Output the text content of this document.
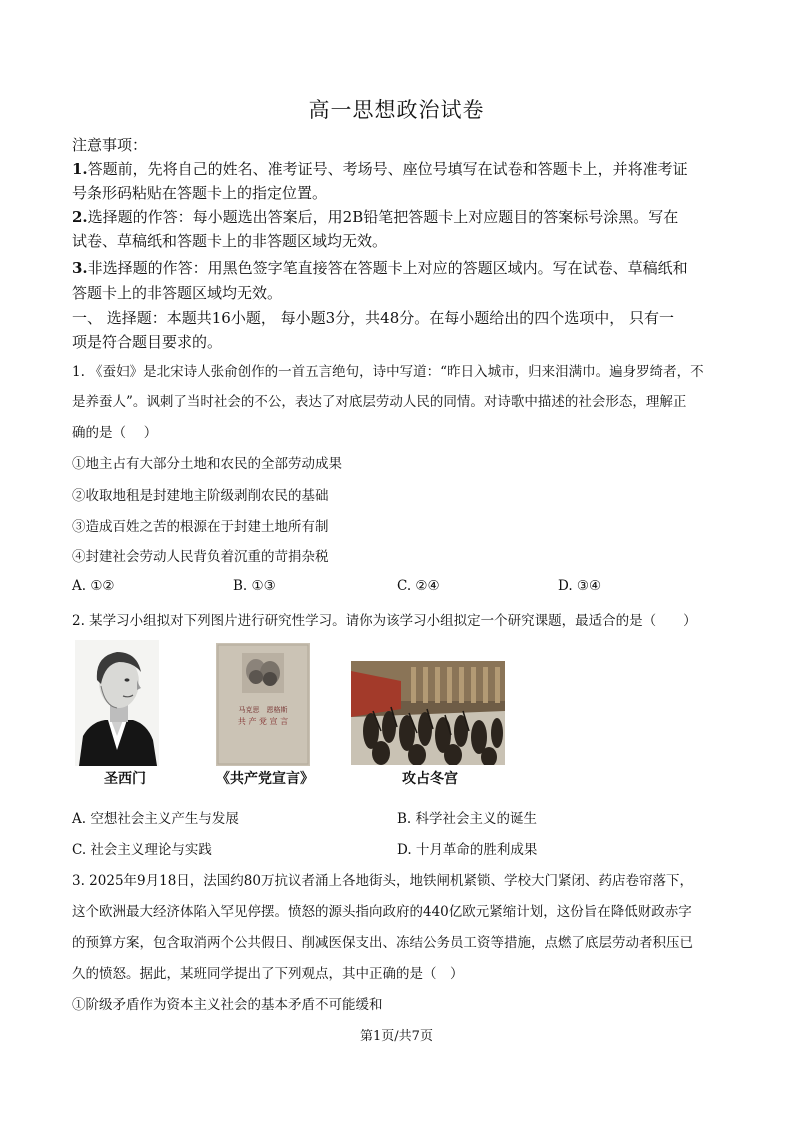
高一思想政治试卷
注意事项：
1.答题前，先将自己的姓名、准考证号、考场号、座位号填写在试卷和答题卡上，并将准考证
号条形码粘贴在答题卡上的指定位置。
2.选择题的作答：每小题选出答案后，用2B铅笔把答题卡上对应题目的答案标号涂黑。写在
试卷、草稿纸和答题卡上的非答题区域均无效。
3.非选择题的作答：用黑色签字笔直接答在答题卡上对应的答题区域内。写在试卷、草稿纸和
答题卡上的非答题区域均无效。
一、 选择题：本题共16小题， 每小题3分，共48分。在每小题给出的四个选项中， 只有一
项是符合题目要求的。
1. 《蚕妇》是北宋诗人张俞创作的一首五言绝句，诗中写道：“昨日入城市，归来泪满巾。遍身罗绮者，不
是养蚕人”。讽刺了当时社会的不公，表达了对底层劳动人民的同情。对诗歌中描述的社会形态，理解正
确的是（　 ）
①地主占有大部分土地和农民的全部劳动成果
②收取地租是封建地主阶级剥削农民的基础
③造成百姓之苦的根源在于封建土地所有制
④封建社会劳动人民背负着沉重的苛捐杂税
A. ①②	B. ①③	C. ②④	D. ③④
2. 某学习小组拟对下列图片进行研究性学习。请你为该学习小组拟定一个研究课题，最适合的是（　　）
马克思　恩格斯
共 产 党 宣 言
圣西门	《共产党宣言》	攻占冬宫
A. 空想社会主义产生与发展	B. 科学社会主义的诞生
C. 社会主义理论与实践	D. 十月革命的胜利成果
3. 2025年9月18日，法国约80万抗议者涌上各地街头，地铁闸机紧锁、学校大门紧闭、药店卷帘落下，
这个欧洲最大经济体陷入罕见停摆。愤怒的源头指向政府的440亿欧元紧缩计划，这份旨在降低财政赤字
的预算方案，包含取消两个公共假日、削减医保支出、冻结公务员工资等措施，点燃了底层劳动者积压已
久的愤怒。据此，某班同学提出了下列观点，其中正确的是（　）
①阶级矛盾作为资本主义社会的基本矛盾不可能缓和
第1页/共7页
